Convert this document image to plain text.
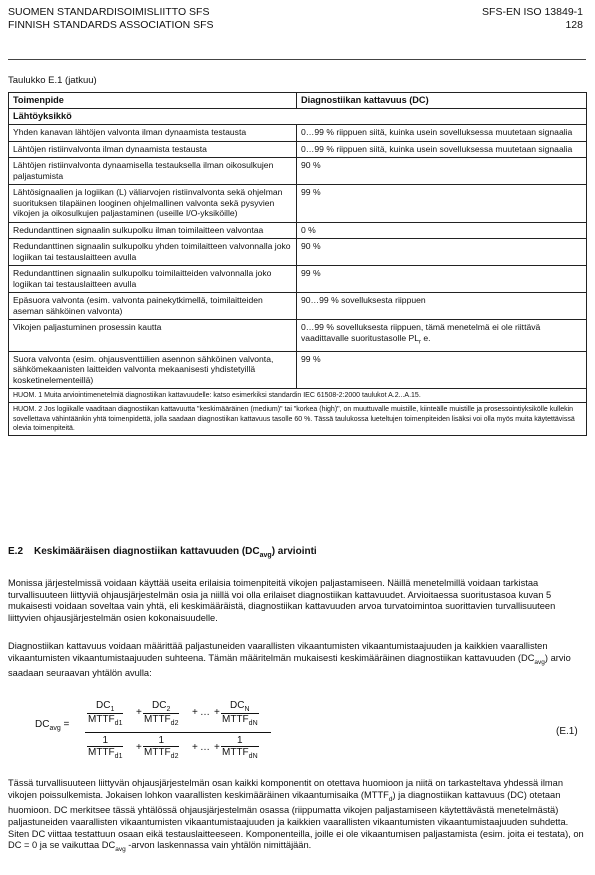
SUOMEN STANDARDISOIMISLIITTO SFS
FINNISH STANDARDS ASSOCIATION SFS
SFS-EN ISO 13849-1
128
Taulukko E.1 (jatkuu)
Toimenpide	Diagnostiikan kattavuus (DC)
Lähtöyksikkö	
Yhden kanavan lähtöjen valvonta ilman dynaamista testausta	0…99 % riippuen siitä, kuinka usein sovelluksessa muutetaan signaalia
Lähtöjen ristiinvalvonta ilman dynaamista testausta	0…99 % riippuen siitä, kuinka usein sovelluksessa muutetaan signaalia
Lähtöjen ristiinvalvonta dynaamisella testauksella ilman oikosulkujen paljastumista	90 %
Lähtösignaalien ja logiikan (L) väliarvojen ristiinvalvonta sekä ohjelman suorituksen tilapäinen looginen ohjelmallinen valvonta sekä pysyvien vikojen ja oikosulkujen paljastaminen (useille I/O-yksiköille)	99 %
Redundanttinen signaalin sulkupolku ilman toimilaitteen valvontaa	0 %
Redundanttinen signaalin sulkupolku yhden toimilaitteen valvonnalla joko logiikan tai testauslaitteen avulla	90 %
Redundanttinen signaalin sulkupolku toimilaitteiden valvonnalla joko logiikan tai testauslaitteen avulla	99 %
Epäsuora valvonta (esim. valvonta painekytkimellä, toimilaitteiden aseman sähköinen valvonta)	90…99 % sovelluksesta riippuen
Vikojen paljastuminen prosessin kautta	0…99 % sovelluksesta riippuen, tämä menetelmä ei ole riittävä vaadittavalle suoritustasolle $PL_r$ e.
Suora valvonta (esim. ohjausventtiilien asennon sähköinen valvonta, sähkömekaanisten laitteiden valvonta mekaanisesti yhdistetyillä kosketinelementeillä)	99 %
HUOM. 1 Muita arviointimenetelmiä diagnostiikan kattavuudelle: katso esimerkiksi standardin IEC 61508-2:2000 taulukot A.2...A.15.	
HUOM. 2 Jos logiikalle vaaditaan diagnostiikan kattavuutta "keskimääräinen (medium)" tai "korkea (high)", on muuttuvalle muistille, kiinteälle muistille ja prosessointiyksikölle kullekin sovellettava vähintäänkin yhtä toimenpidettä, jolla saadaan diagnostiikan kattavuus tasolle 60 %. Tässä taulukossa lueteltujen toimenpiteiden lisäksi voi olla myös muita käytettävissä olevia toimenpiteitä.	
E.2 Keskimääräisen diagnostiikan kattavuuden $(DC_{avg})$ arviointi

Monissa järjestelmissä voidaan käyttää useita erilaisia toimenpiteitä vikojen paljastamiseen. Näillä menetelmillä voidaan tarkistaa turvallisuuteen liittyviä ohjausjärjestelmän osia ja niillä voi olla erilaiset diagnostiikan kattavuudet. Arvioitaessa suoritustasoa kuvan 5 mukaisesti voidaan soveltaa vain yhtä, eli keskimääräistä, diagnostiikan kattavuuden arvoa turvatoimintoa suorittavien turvallisuuteen liittyvien ohjausjärjestelmän osien kokonaisuudelle.

Diagnostiikan kattavuus voidaan määrittää paljastuneiden vaarallisten vikaantumisten vikaantumistaajuuden ja kaikkien vaarallisten vikaantumisten vikaantumistaajuuden suhteena. Tämän määritelmän mukaisesti keskimääräinen diagnostiikan kattavuuden $(DC_{avg})$ arvio saadaan seuraavan yhtälön avulla:

$DC_{avg}$ =
$DC_1$
$MTTF_{d1}$
+
$DC_2$
$MTTF_{d2}$
+ … +
$DC_N$
$MTTF_{dN}$
1
$MTTF_{d1}$
+
1
$MTTF_{d2}$
+ … +
1
$MTTF_{dN}$
(E.1)

Tässä turvallisuuteen liittyvän ohjausjärjestelmän osan kaikki komponentit on otettava huomioon ja niitä on tarkasteltava yhdessä ilman vikojen poissulkemista. Jokaisen lohkon vaarallisten keskimääräinen vikaantumisaika $(MTTF_d)$ ja diagnostiikan kattavuus (DC) otetaan huomioon. DC merkitsee tässä yhtälössä ohjausjärjestelmän osassa (riippumatta vikojen paljastamiseen käytettävästä menetelmästä) paljastuneiden vaarallisten vikaantumisten vikaantumistaajuuden ja kaikkien vaarallisten vikaantumisten vikaantumistaajuuden suhdetta. Siten DC viittaa testattuun osaan eikä testauslaitteeseen. Komponenteilla, joille ei ole vikaantumisen paljastamista (esim. joita ei testata), on DC = 0 ja se vaikuttaa $DC_{avg}$ -arvon laskennassa vain yhtälön nimittäjään.
